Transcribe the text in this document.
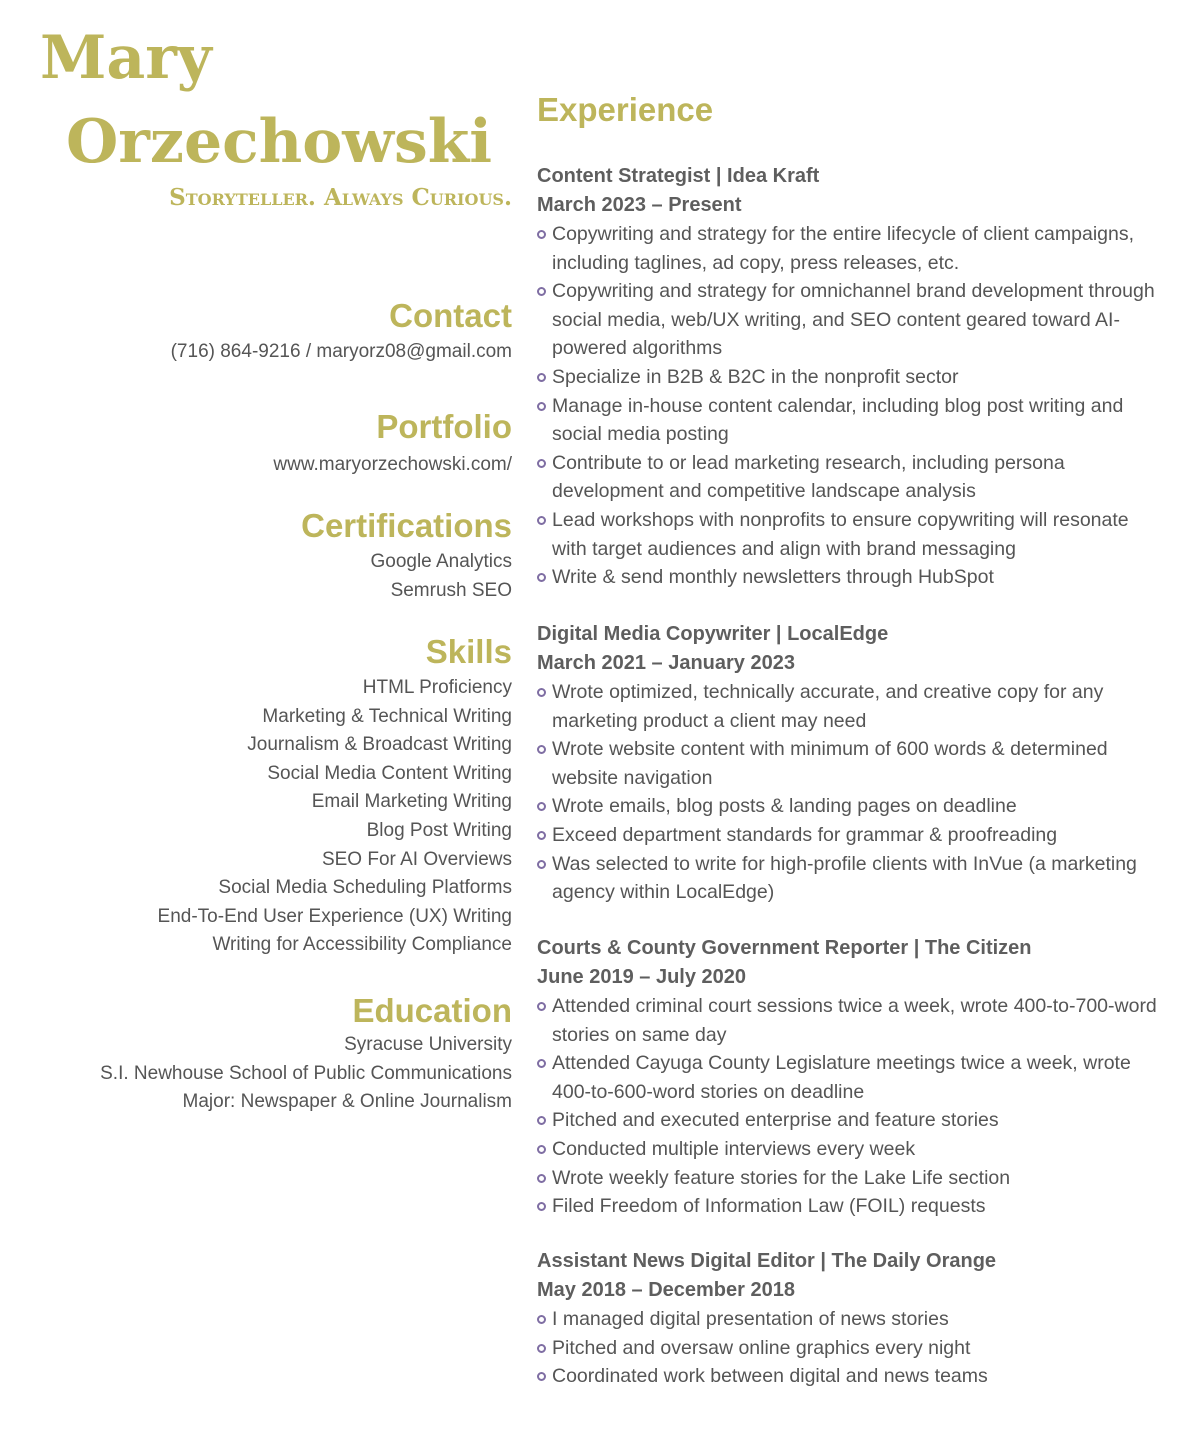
Mary
Orzechowski
Storyteller. Always Curious.
Contact
(716) 864-9216 / maryorz08@gmail.com
Portfolio
www.maryorzechowski.com/
Certifications
Google Analytics
Semrush SEO
Skills
HTML Proficiency
Marketing & Technical Writing
Journalism & Broadcast Writing
Social Media Content Writing
Email Marketing Writing
Blog Post Writing
SEO For AI Overviews
Social Media Scheduling Platforms
End-To-End User Experience (UX) Writing
Writing for Accessibility Compliance
Education
Syracuse University
S.I. Newhouse School of Public Communications
Major: Newspaper & Online Journalism
Experience
Content Strategist | Idea Kraft
March 2023 – Present
Copywriting and strategy for the entire lifecycle of client campaigns, including taglines, ad copy, press releases, etc.
Copywriting and strategy for omnichannel brand development through social media, web/UX writing, and SEO content geared toward AI-powered algorithms
Specialize in B2B & B2C in the nonprofit sector
Manage in-house content calendar, including blog post writing and social media posting
Contribute to or lead marketing research, including persona development and competitive landscape analysis
Lead workshops with nonprofits to ensure copywriting will resonate with target audiences and align with brand messaging
Write & send monthly newsletters through HubSpot
Digital Media Copywriter | LocalEdge
March 2021 – January 2023
Wrote optimized, technically accurate, and creative copy for any marketing product a client may need
Wrote website content with minimum of 600 words & determined website navigation
Wrote emails, blog posts & landing pages on deadline
Exceed department standards for grammar & proofreading
Was selected to write for high-profile clients with InVue (a marketing agency within LocalEdge)
Courts & County Government Reporter | The Citizen
June 2019 – July 2020
Attended criminal court sessions twice a week, wrote 400-to-700-word stories on same day
Attended Cayuga County Legislature meetings twice a week, wrote 400-to-600-word stories on deadline
Pitched and executed enterprise and feature stories
Conducted multiple interviews every week
Wrote weekly feature stories for the Lake Life section
Filed Freedom of Information Law (FOIL) requests
Assistant News Digital Editor | The Daily Orange
May 2018 – December 2018
I managed digital presentation of news stories
Pitched and oversaw online graphics every night
Coordinated work between digital and news teams
